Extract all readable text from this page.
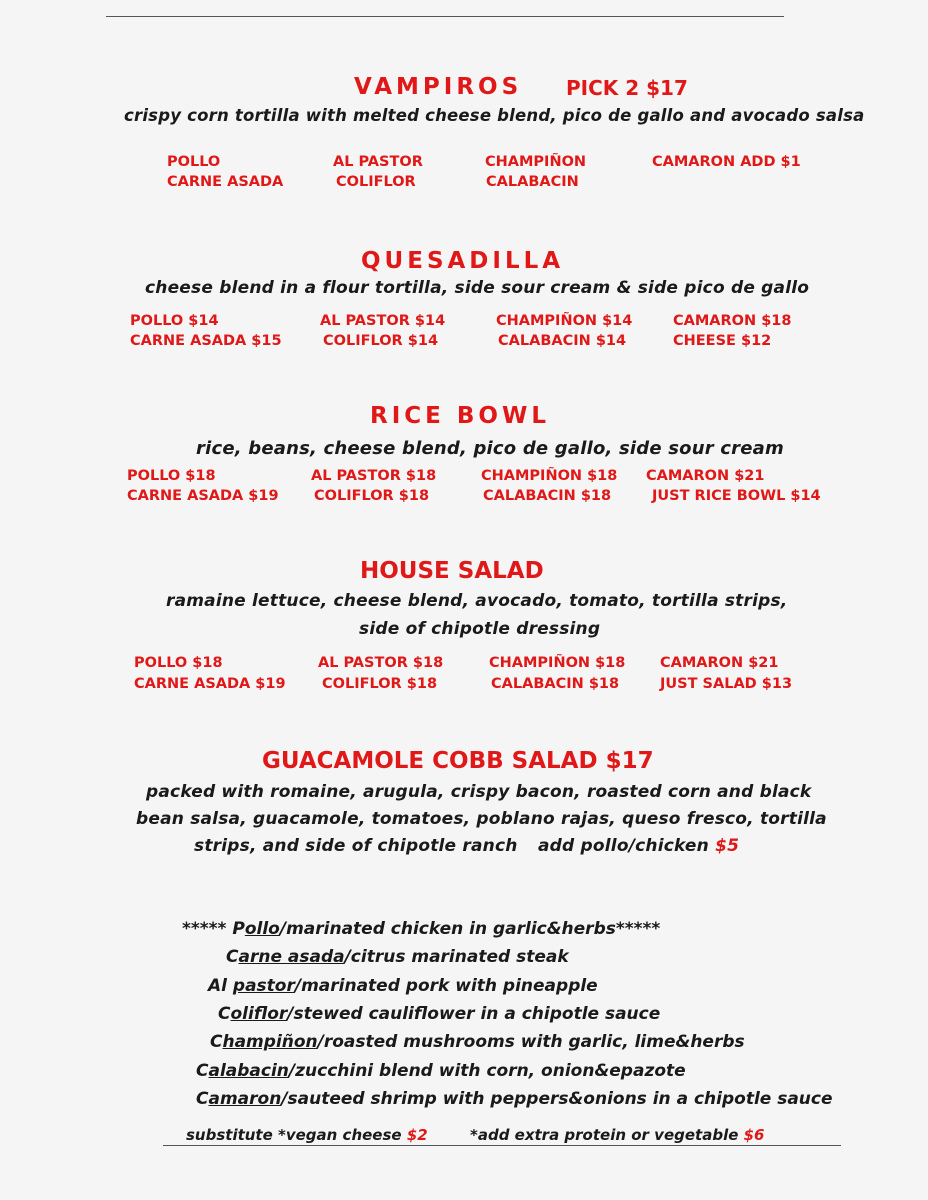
VAMPIROS PICK 2 $17
crispy corn tortilla with melted cheese blend, pico de gallo and avocado salsa
POLLO	AL PASTOR	CHAMPIÑON	CAMARON ADD $1
CARNE ASADA	COLIFLOR	CALABACIN
QUESADILLA
cheese blend in a flour tortilla, side sour cream & side pico de gallo
POLLO $14	AL PASTOR $14	CHAMPIÑON $14	CAMARON $18
CARNE ASADA $15	COLIFLOR $14	CALABACIN $14	CHEESE $12
RICE BOWL
rice, beans, cheese blend, pico de gallo, side sour cream
POLLO $18	AL PASTOR $18	CHAMPIÑON $18 CAMARON $21
CARNE ASADA $19 COLIFLOR $18	CALABACIN $18	JUST RICE BOWL $14
HOUSE SALAD
ramaine lettuce, cheese blend, avocado, tomato, tortilla strips,
side of chipotle dressing
POLLO $18	AL PASTOR $18	CHAMPIÑON $18 CAMARON $21
CARNE ASADA $19	COLIFLOR $18	CALABACIN $18	JUST SALAD $13
GUACAMOLE COBB SALAD $17
packed with romaine, arugula, crispy bacon, roasted corn and black
bean salsa, guacamole, tomatoes, poblano rajas, queso fresco, tortilla
strips, and side of chipotle ranch add pollo/chicken $5
***** Pollo/marinated chicken in garlic&herbs*****
Carne asada/citrus marinated steak
Al pastor/marinated pork with pineapple
Coliflor/stewed cauliflower in a chipotle sauce
Champiñon/roasted mushrooms with garlic, lime&herbs
Calabacin/zucchini blend with corn, onion&epazote
Camaron/sauteed shrimp with peppers&onions in a chipotle sauce
substitute *vegan cheese $2	*add extra protein or vegetable $6
